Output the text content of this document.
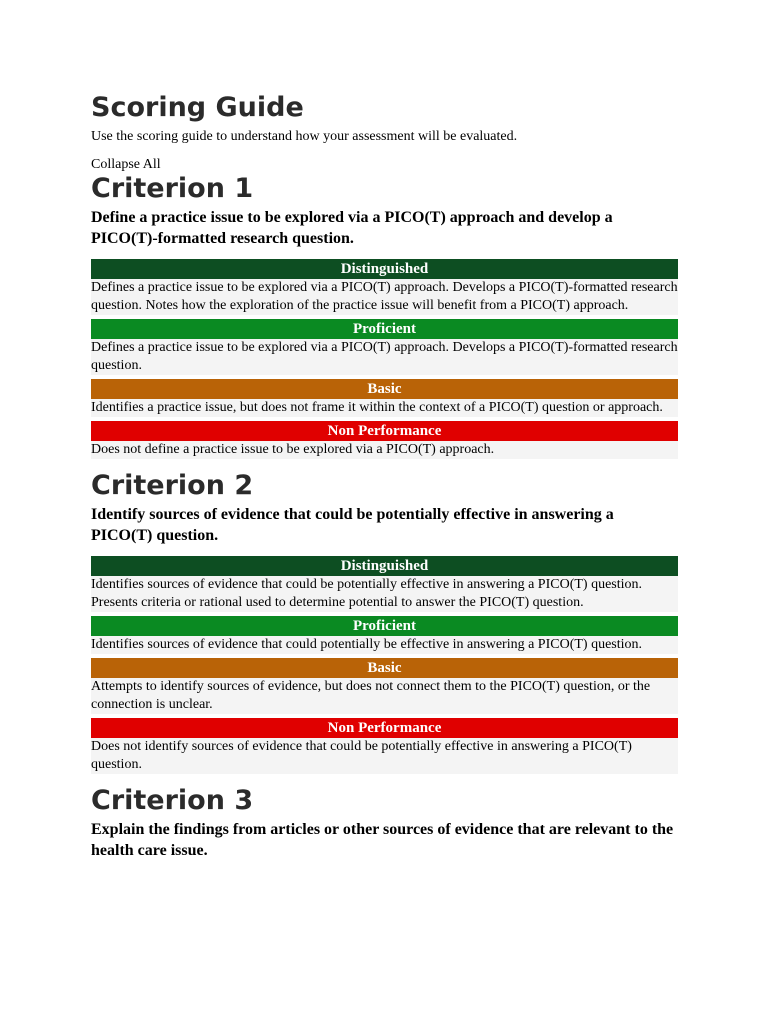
Scoring Guide

Use the scoring guide to understand how your assessment will be evaluated.

Collapse All

Criterion 1

Define a practice issue to be explored via a PICO(T) approach and develop a PICO(T)-formatted research question.

Distinguished
Defines a practice issue to be explored via a PICO(T) approach. Develops a PICO(T)-formatted research question. Notes how the exploration of the practice issue will benefit from a PICO(T) approach.
Proficient
Defines a practice issue to be explored via a PICO(T) approach. Develops a PICO(T)-formatted research question.
Basic
Identifies a practice issue, but does not frame it within the context of a PICO(T) question or approach.
Non Performance
Does not define a practice issue to be explored via a PICO(T) approach.
Criterion 2

Identify sources of evidence that could be potentially effective in answering a PICO(T) question.

Distinguished
Identifies sources of evidence that could be potentially effective in answering a PICO(T) question. Presents criteria or rational used to determine potential to answer the PICO(T) question.
Proficient
Identifies sources of evidence that could potentially be effective in answering a PICO(T) question.
Basic
Attempts to identify sources of evidence, but does not connect them to the PICO(T) question, or the connection is unclear.
Non Performance
Does not identify sources of evidence that could be potentially effective in answering a PICO(T) question.
Criterion 3

Explain the findings from articles or other sources of evidence that are relevant to the health care issue.
